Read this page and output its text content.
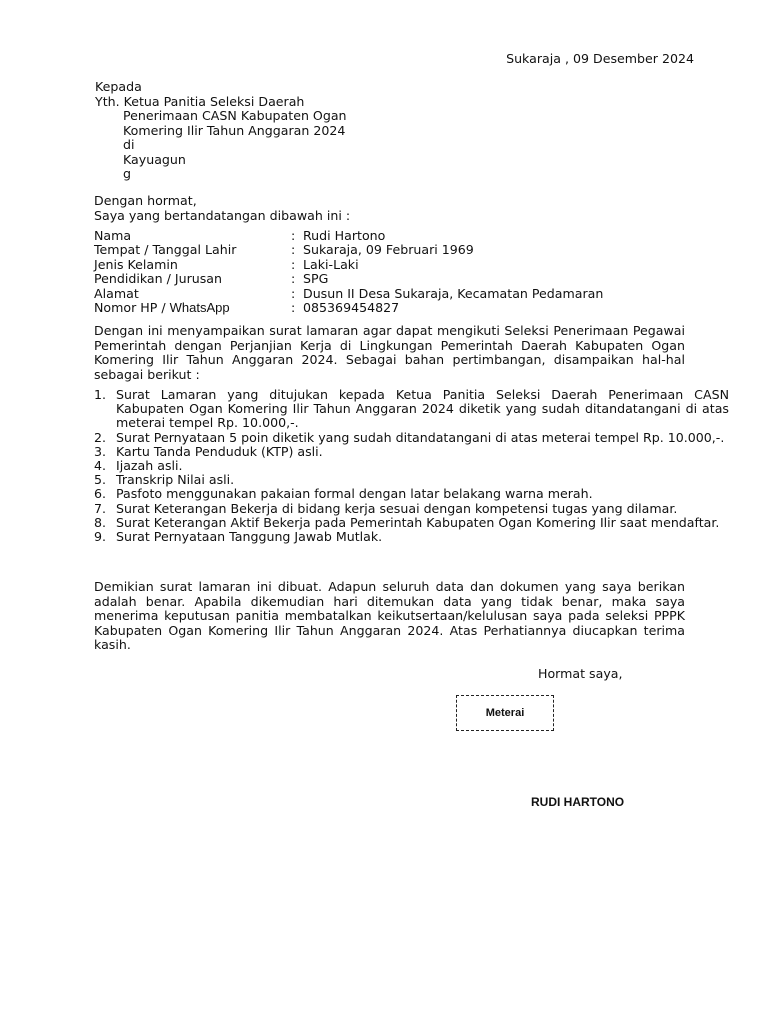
Sukaraja , 09 Desember 2024
Kepada
Yth. Ketua Panitia Seleksi Daerah
Penerimaan CASN Kabupaten Ogan
Komering Ilir Tahun Anggaran 2024
di
Kayuagun
g
Dengan hormat,
Saya yang bertandatangan dibawah ini :
Nama	:	Rudi Hartono
Tempat / Tanggal Lahir	:	Sukaraja, 09 Februari 1969
Jenis Kelamin	:	Laki-Laki
Pendidikan / Jurusan	:	SPG
Alamat	:	Dusun II Desa Sukaraja, Kecamatan Pedamaran
Nomor HP / WhatsApp	:	085369454827
Dengan ini menyampaikan surat lamaran agar dapat mengikuti Seleksi Penerimaan Pegawai Pemerintah dengan Perjanjian Kerja di Lingkungan Pemerintah Daerah Kabupaten Ogan Komering Ilir Tahun Anggaran 2024. Sebagai bahan pertimbangan, disampaikan hal-hal sebagai berikut :
1. Surat Lamaran yang ditujukan kepada Ketua Panitia Seleksi Daerah Penerimaan CASN Kabupaten Ogan Komering Ilir Tahun Anggaran 2024 diketik yang sudah ditandatangani di atas meterai tempel Rp. 10.000,-.
2. Surat Pernyataan 5 poin diketik yang sudah ditandatangani di atas meterai tempel Rp. 10.000,-.
3. Kartu Tanda Penduduk (KTP) asli.
4. Ijazah asli.
5. Transkrip Nilai asli.
6. Pasfoto menggunakan pakaian formal dengan latar belakang warna merah.
7. Surat Keterangan Bekerja di bidang kerja sesuai dengan kompetensi tugas yang dilamar.
8. Surat Keterangan Aktif Bekerja pada Pemerintah Kabupaten Ogan Komering Ilir saat mendaftar.
9. Surat Pernyataan Tanggung Jawab Mutlak.
Demikian surat lamaran ini dibuat. Adapun seluruh data dan dokumen yang saya berikan adalah benar. Apabila dikemudian hari ditemukan data yang tidak benar, maka saya menerima keputusan panitia membatalkan keikutsertaan/kelulusan saya pada seleksi PPPK Kabupaten Ogan Komering Ilir Tahun Anggaran 2024. Atas Perhatiannya diucapkan terima kasih.
Hormat saya,
Meterai
RUDI HARTONO
